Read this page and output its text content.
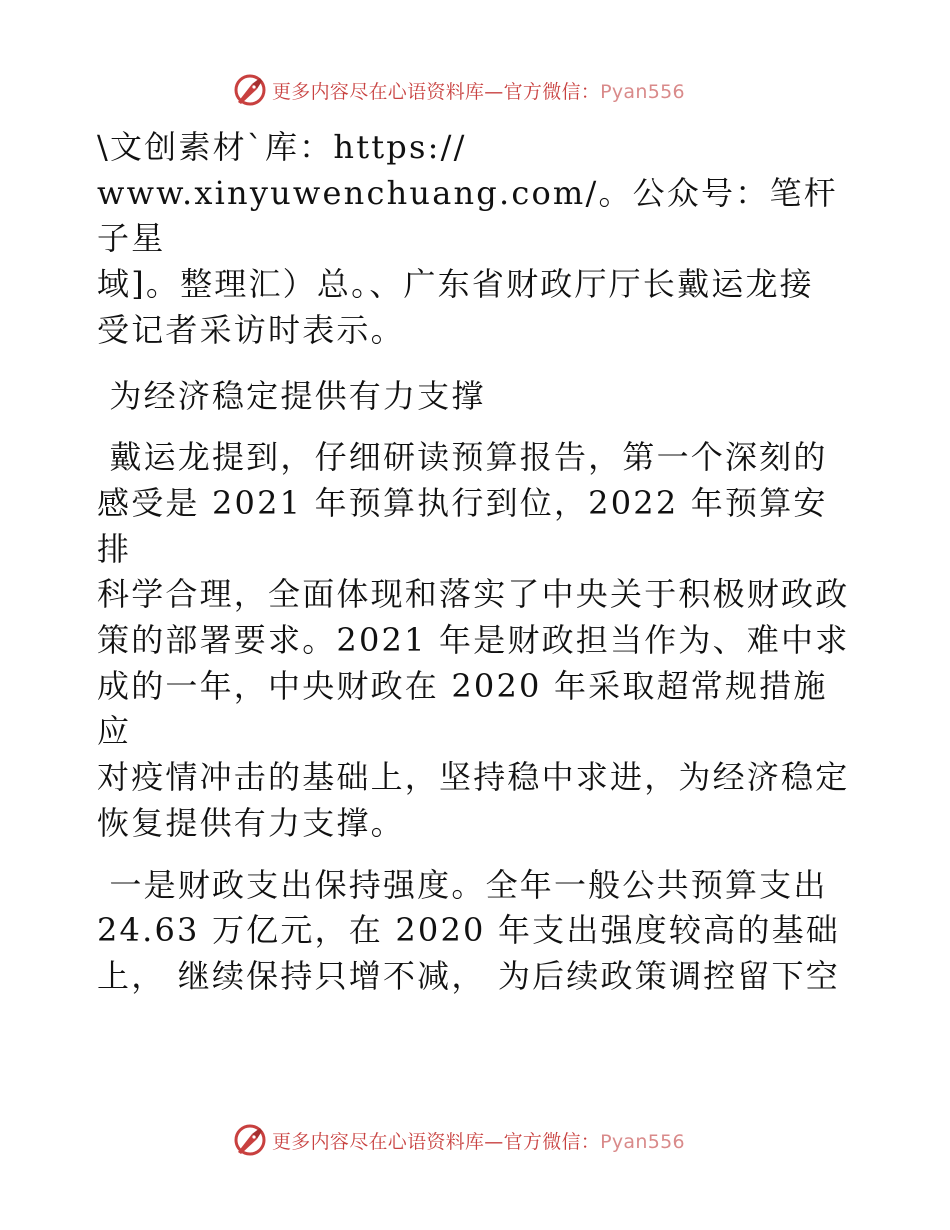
更多内容尽在心语资料库—官方微信：Pyan556

\文创素材`库：https://
www.xinyuwenchuang.com/。公众号：笔杆子星
域]。整理汇）总。、广东省财政厅厅长戴运龙接
受记者采访时表示。

为经济稳定提供有力支撑

戴运龙提到，仔细研读预算报告，第一个深刻的
感受是 2021 年预算执行到位，2022 年预算安排
科学合理，全面体现和落实了中央关于积极财政政
策的部署要求。2021 年是财政担当作为、难中求
成的一年，中央财政在 2020 年采取超常规措施应
对疫情冲击的基础上，坚持稳中求进，为经济稳定
恢复提供有力支撑。

一是财政支出保持强度。全年一般公共预算支出
24.63 万亿元，在 2020 年支出强度较高的基础
上， 继续保持只增不减， 为后续政策调控留下空

更多内容尽在心语资料库—官方微信：Pyan556
